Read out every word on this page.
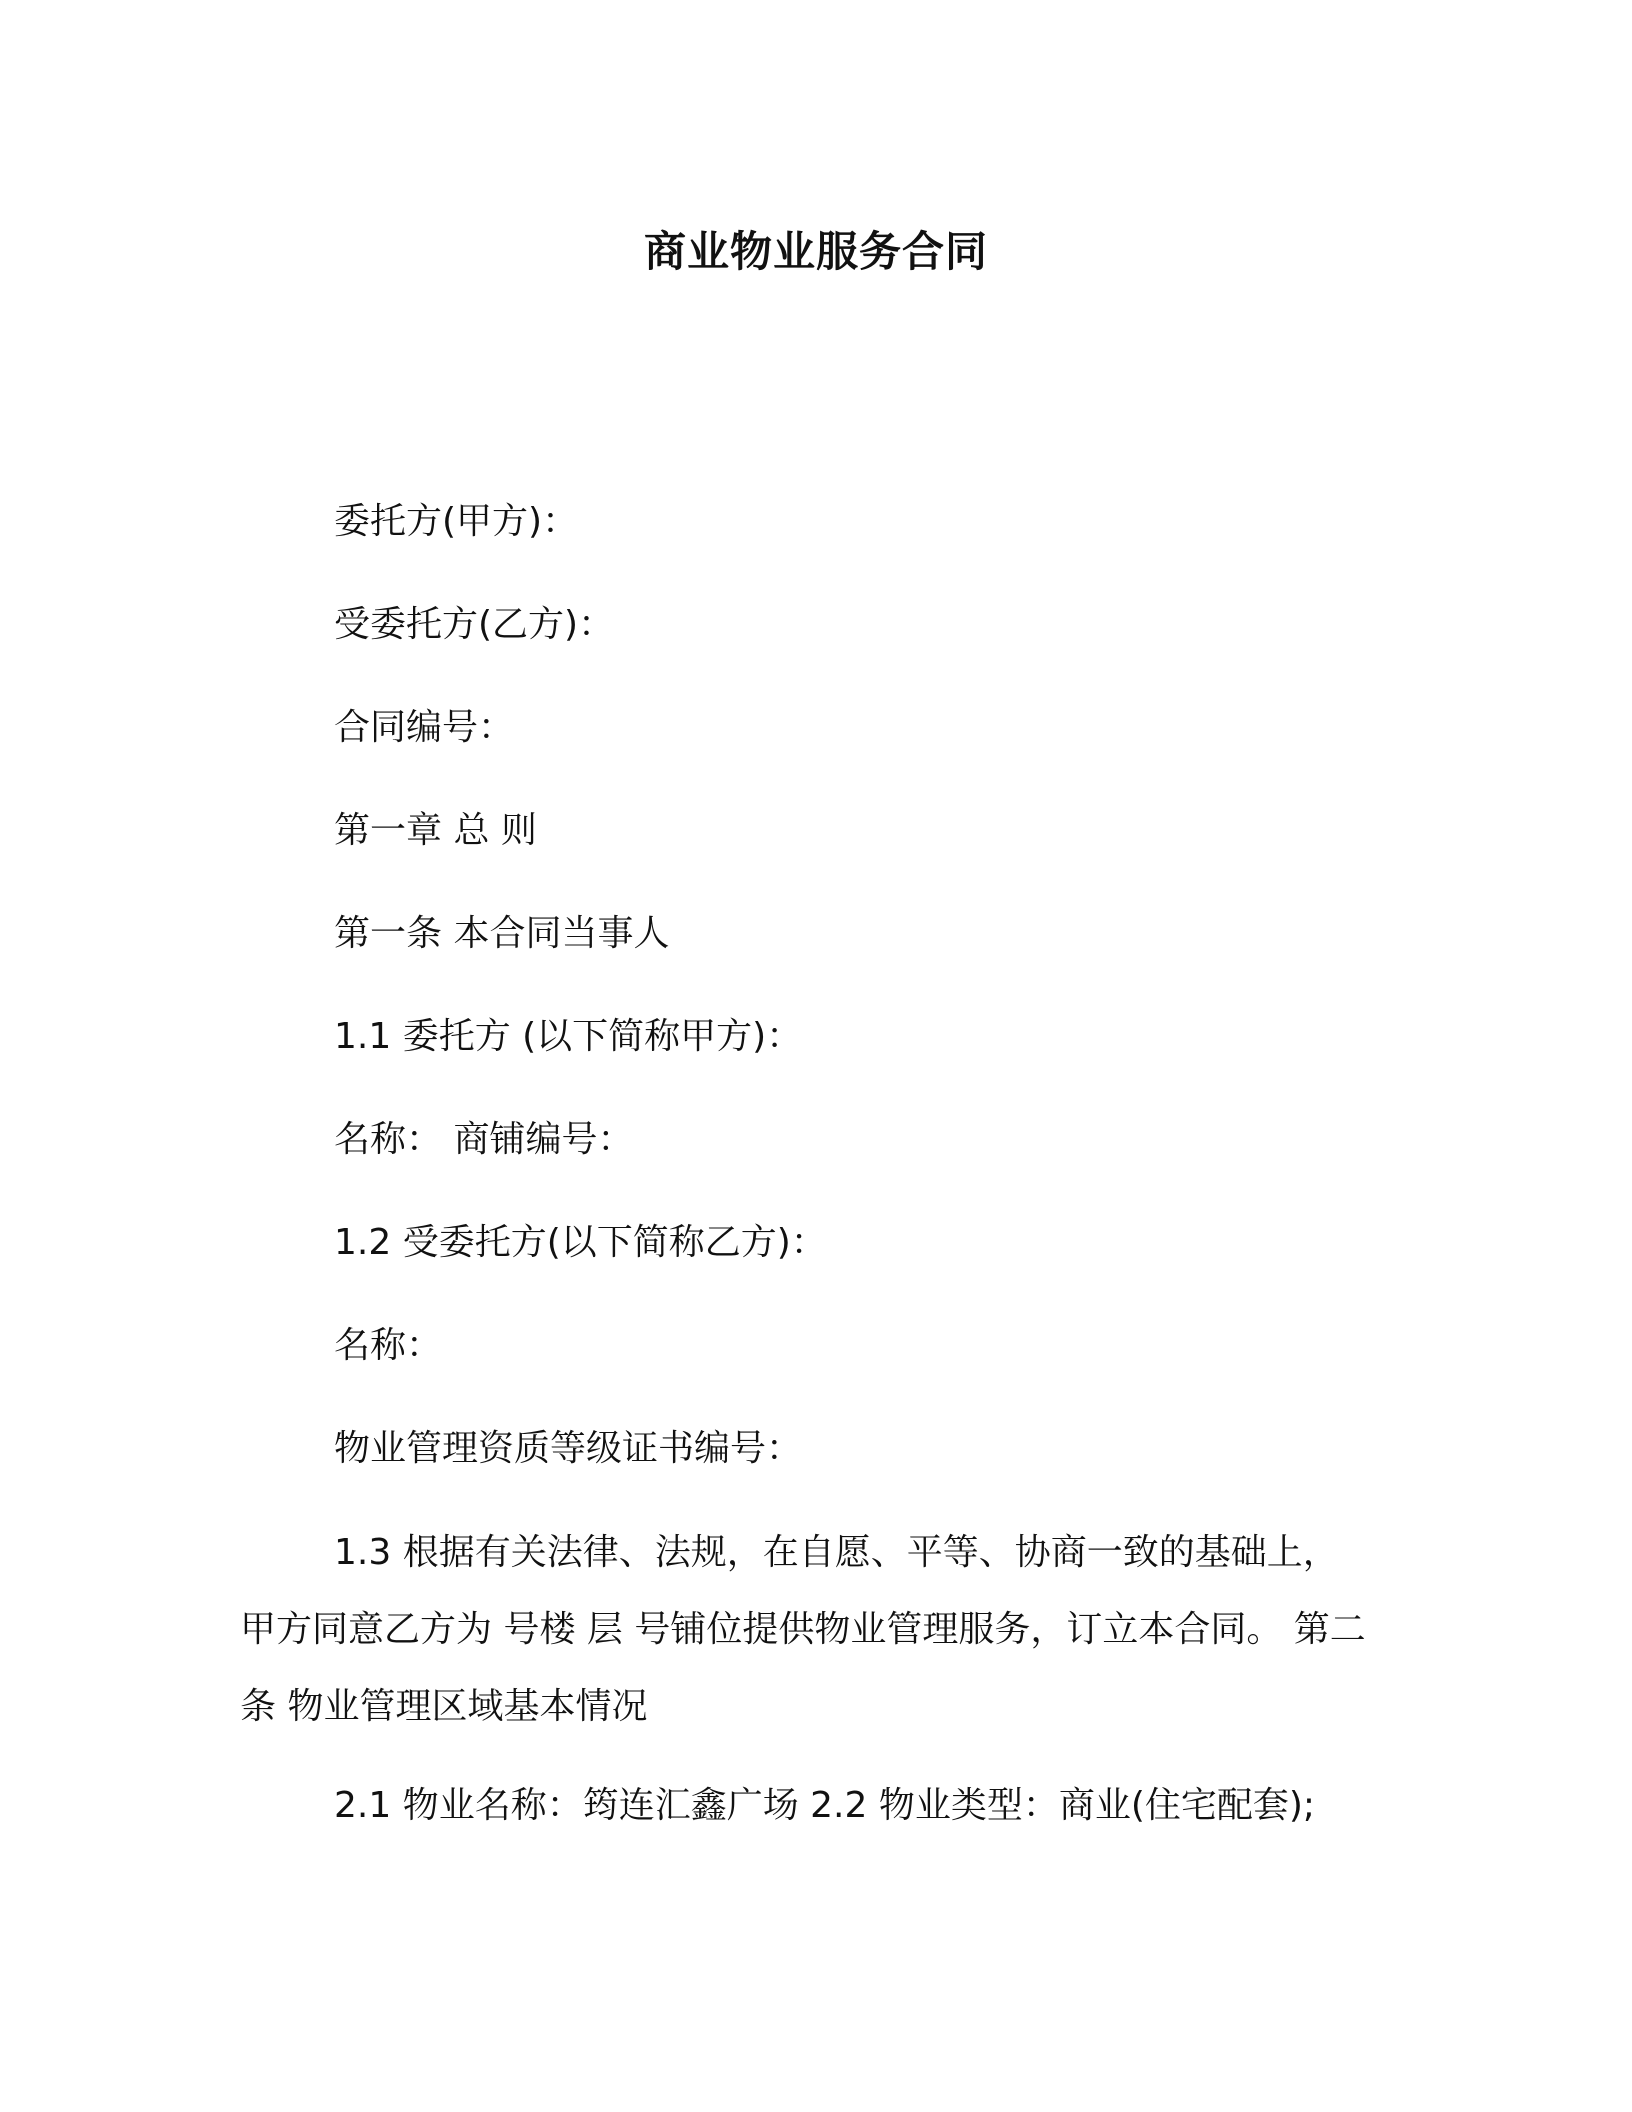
商业物业服务合同
委托方(甲方)：
受委托方(乙方)：
合同编号：
第一章 总 则
第一条 本合同当事人
1.1 委托方 (以下简称甲方)：
名称： 商铺编号：
1.2 受委托方(以下简称乙方)：
名称：
物业管理资质等级证书编号：
1.3 根据有关法律、法规，在自愿、平等、协商一致的基础上，甲方同意乙方为 号楼 层 号铺位提供物业管理服务，订立本合同。 第二条 物业管理区域基本情况
2.1 物业名称：筠连汇鑫广场 2.2 物业类型：商业(住宅配套);
